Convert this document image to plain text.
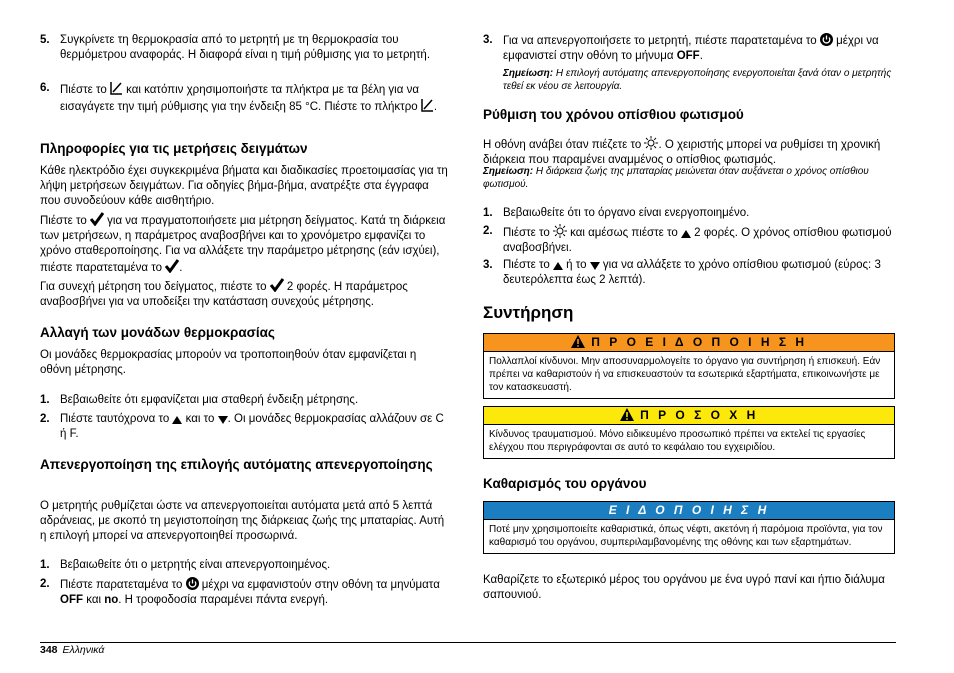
5. Συγκρίνετε τη θερμοκρασία από το μετρητή με τη θερμοκρασία του θερμόμετρου αναφοράς. Η διαφορά είναι η τιμή ρύθμισης για το μετρητή.
6. Πιέστε το και κατόπιν χρησιμοποιήστε τα πλήκτρα με τα βέλη για να εισαγάγετε την τιμή ρύθμισης για την ένδειξη 85 °C. Πιέστε το πλήκτρο .
Πληροφορίες για τις μετρήσεις δειγμάτων

Κάθε ηλεκτρόδιο έχει συγκεκριμένα βήματα και διαδικασίες προετοιμασίας για τη λήψη μετρήσεων δειγμάτων. Για οδηγίες βήμα-βήμα, ανατρέξτε στα έγγραφα που συνοδεύουν κάθε αισθητήριο.

Πιέστε το για να πραγματοποιήσετε μια μέτρηση δείγματος. Κατά τη διάρκεια των μετρήσεων, η παράμετρος αναβοσβήνει και το χρονόμετρο εμφανίζει το χρόνο σταθεροποίησης. Για να αλλάξετε την παράμετρο μέτρησης (εάν ισχύει), πιέστε παρατεταμένα το .

Για συνεχή μέτρηση του δείγματος, πιέστε το 2 φορές. Η παράμετρος αναβοσβήνει για να υποδείξει την κατάσταση συνεχούς μέτρησης.

Αλλαγή των μονάδων θερμοκρασίας

Οι μονάδες θερμοκρασίας μπορούν να τροποποιηθούν όταν εμφανίζεται η οθόνη μέτρησης.

1. Βεβαιωθείτε ότι εμφανίζεται μια σταθερή ένδειξη μέτρησης.
2. Πιέστε ταυτόχρονα το και το . Οι μονάδες θερμοκρασίας αλλάζουν σε C ή F.
Απενεργοποίηση της επιλογής αυτόματης απενεργοποίησης

Ο μετρητής ρυθμίζεται ώστε να απενεργοποιείται αυτόματα μετά από 5 λεπτά αδράνειας, με σκοπό τη μεγιστοποίηση της διάρκειας ζωής της μπαταρίας. Αυτή η επιλογή μπορεί να απενεργοποιηθεί προσωρινά.

1. Βεβαιωθείτε ότι ο μετρητής είναι απενεργοποιημένος.
2. Πιέστε παρατεταμένα το μέχρι να εμφανιστούν στην οθόνη τα μηνύματα OFF και no. Η τροφοδοσία παραμένει πάντα ενεργή.
3. Για να απενεργοποιήσετε το μετρητή, πιέστε παρατεταμένα το μέχρι να εμφανιστεί στην οθόνη το μήνυμα OFF.
Σημείωση: Η επιλογή αυτόματης απενεργοποίησης ενεργοποιείται ξανά όταν ο μετρητής τεθεί εκ νέου σε λειτουργία.
Ρύθμιση του χρόνου οπίσθιου φωτισμού

Η οθόνη ανάβει όταν πιέζετε το . Ο χειριστής μπορεί να ρυθμίσει τη χρονική διάρκεια που παραμένει αναμμένος ο οπίσθιος φωτισμός.

Σημείωση: Η διάρκεια ζωής της μπαταρίας μειώνεται όταν αυξάνεται ο χρόνος οπίσθιου φωτισμού.
1. Βεβαιωθείτε ότι το όργανο είναι ενεργοποιημένο.
2. Πιέστε το και αμέσως πιέστε το 2 φορές. Ο χρόνος οπίσθιου φωτισμού αναβοσβήνει.
3. Πιέστε το ή το για να αλλάξετε το χρόνο οπίσθιου φωτισμού (εύρος: 3 δευτερόλεπτα έως 2 λεπτά).
Συντήρηση
Π Ρ Ο Ε Ι Δ Ο Π Ο Ι Η Σ Η
Πολλαπλοί κίνδυνοι. Μην αποσυναρμολογείτε το όργανο για συντήρηση ή επισκευή. Εάν πρέπει να καθαριστούν ή να επισκευαστούν τα εσωτερικά εξαρτήματα, επικοινωνήστε με τον κατασκευαστή.
Π Ρ Ο Σ Ο Χ Η
Κίνδυνος τραυματισμού. Μόνο ειδικευμένο προσωπικό πρέπει να εκτελεί τις εργασίες ελέγχου που περιγράφονται σε αυτό το κεφάλαιο του εγχειριδίου.
Καθαρισμός του οργάνου
Ε Ι Δ Ο Π Ο Ι Η Σ Η
Ποτέ μην χρησιμοποιείτε καθαριστικά, όπως νέφτι, ακετόνη ή παρόμοια προϊόντα, για τον καθαρισμό του οργάνου, συμπεριλαμβανομένης της οθόνης και των εξαρτημάτων.

Καθαρίζετε το εξωτερικό μέρος του οργάνου με ένα υγρό πανί και ήπιο διάλυμα σαπουνιού.

348 Ελληνικά
